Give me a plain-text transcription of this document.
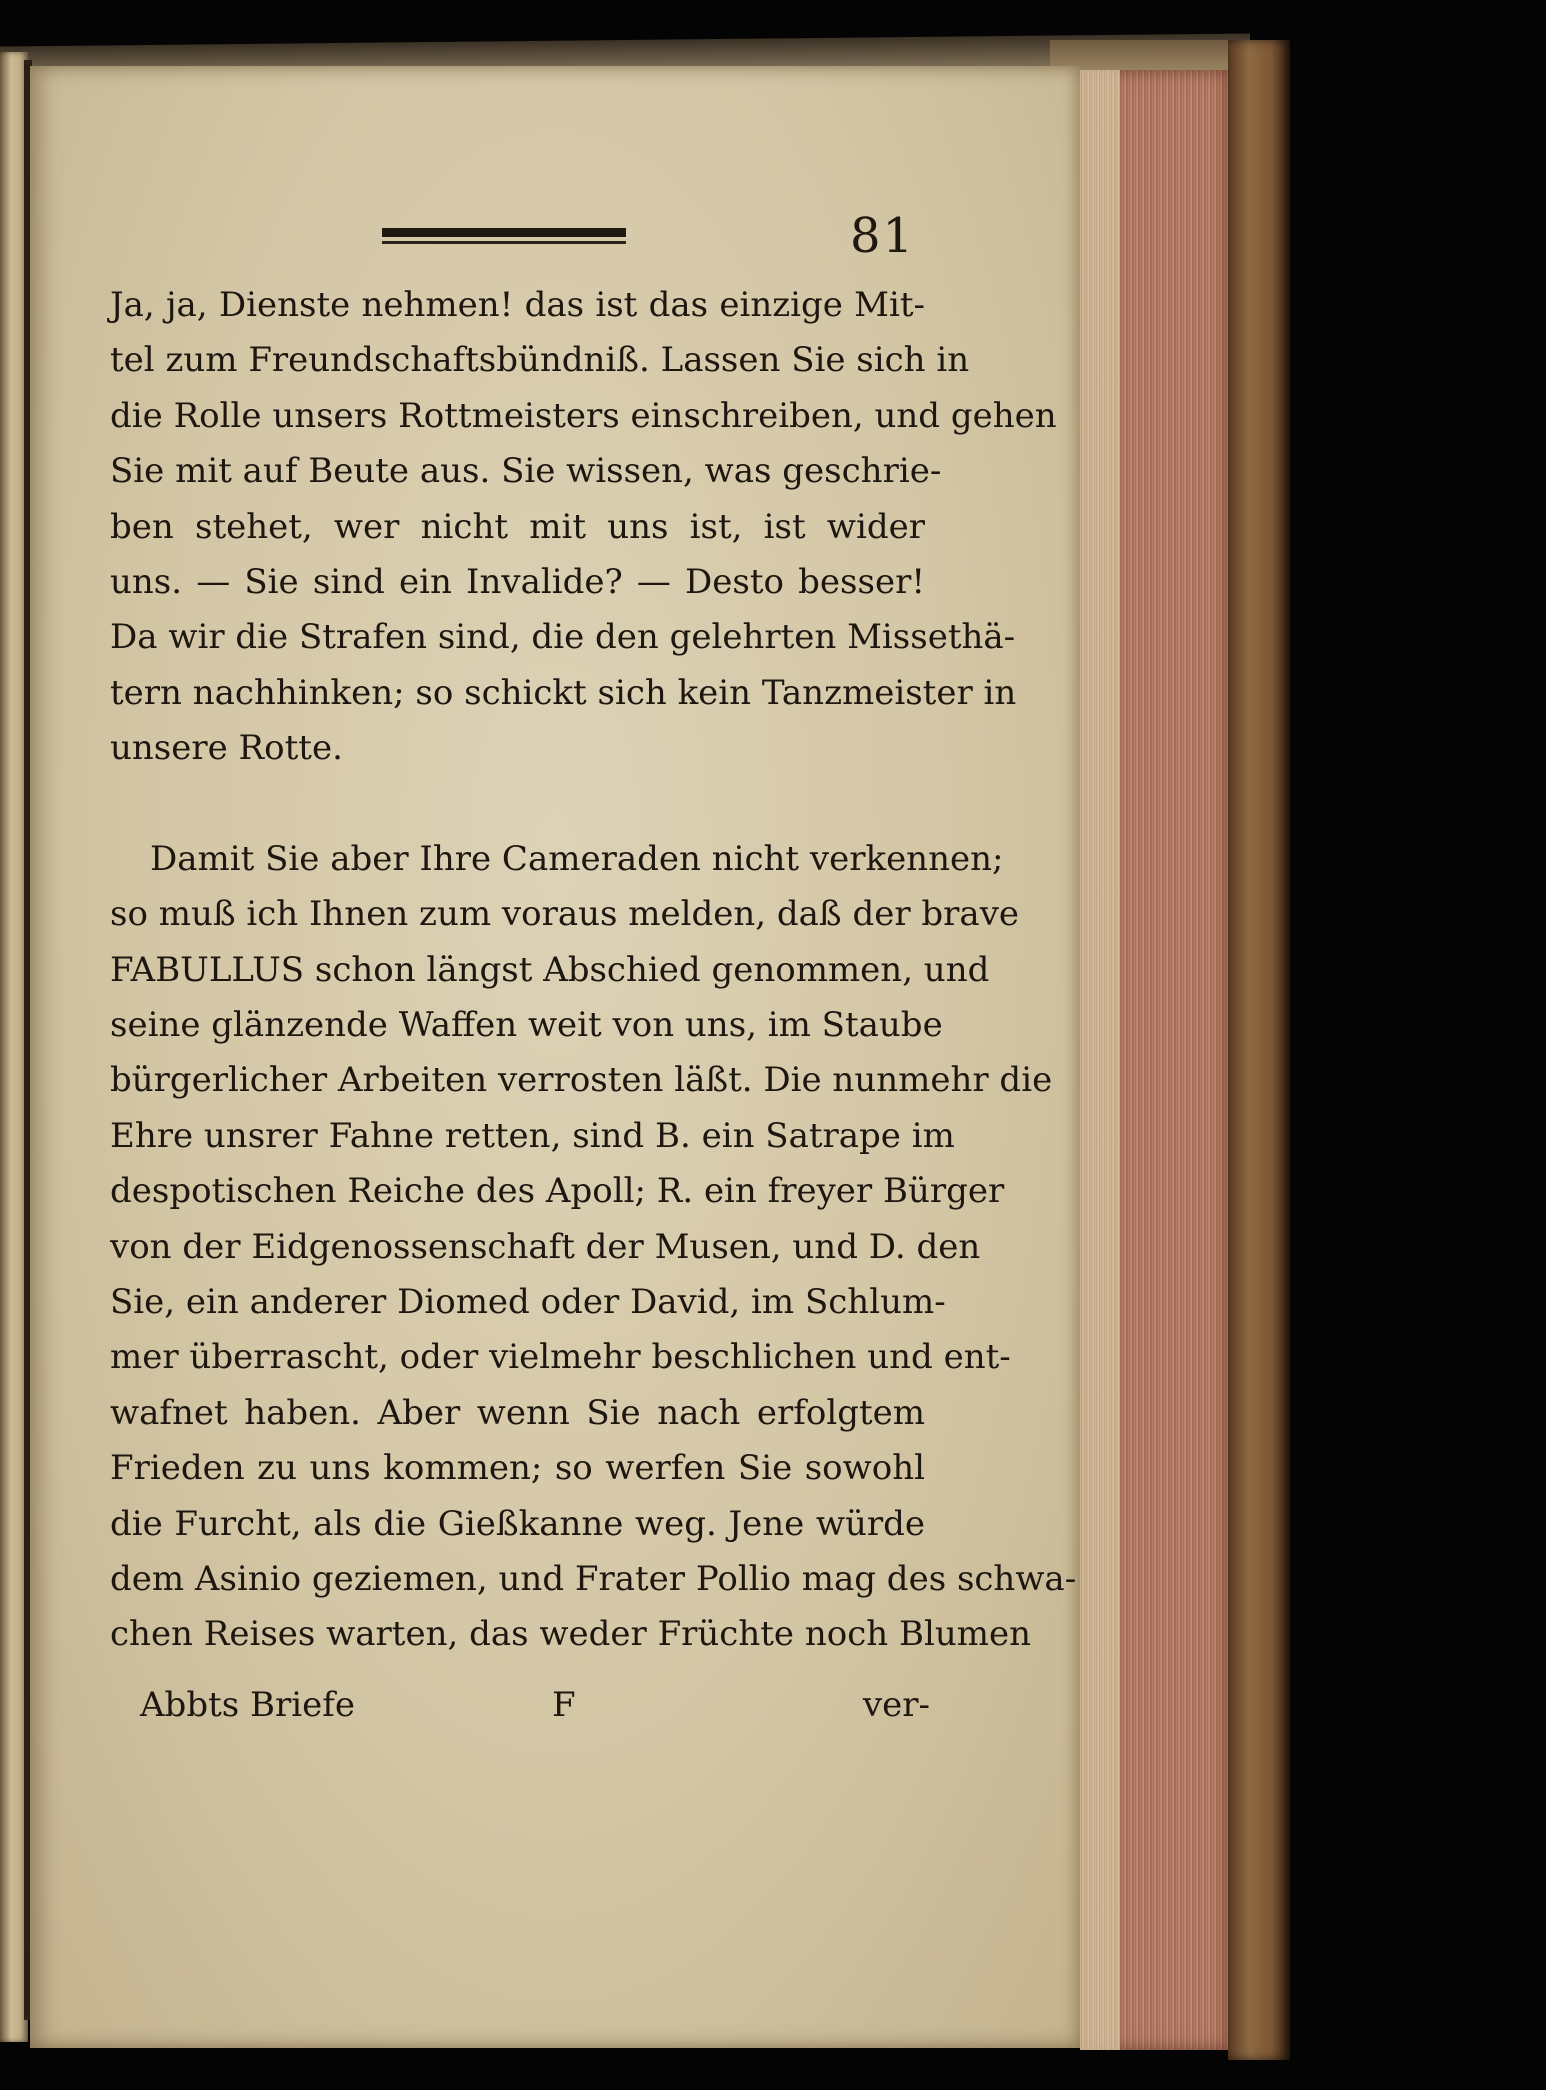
81
Ja, ja, Dienste nehmen! das ist das einzige Mit-
tel zum Freundschaftsbündniß. Lassen Sie sich in
die Rolle unsers Rottmeisters einschreiben, und gehen
Sie mit auf Beute aus. Sie wissen, was geschrie-
ben stehet, wer nicht mit uns ist, ist wider
uns. — Sie sind ein Invalide? — Desto besser!
Da wir die Strafen sind, die den gelehrten Missethä-
tern nachhinken; so schickt sich kein Tanzmeister in
unsere Rotte.
Damit Sie aber Ihre Cameraden nicht verkennen;
so muß ich Ihnen zum voraus melden, daß der brave
FABULLUS schon längst Abschied genommen, und
seine glänzende Waffen weit von uns, im Staube
bürgerlicher Arbeiten verrosten läßt. Die nunmehr die
Ehre unsrer Fahne retten, sind B. ein Satrape im
despotischen Reiche des Apoll; R. ein freyer Bürger
von der Eidgenossenschaft der Musen, und D. den
Sie, ein anderer Diomed oder David, im Schlum-
mer überrascht, oder vielmehr beschlichen und ent-
wafnet haben. Aber wenn Sie nach erfolgtem
Frieden zu uns kommen; so werfen Sie sowohl
die Furcht, als die Gießkanne weg. Jene würde
dem Asinio geziemen, und Frater Pollio mag des schwa-
chen Reises warten, das weder Früchte noch Blumen
Abbts Briefe	F	ver-
